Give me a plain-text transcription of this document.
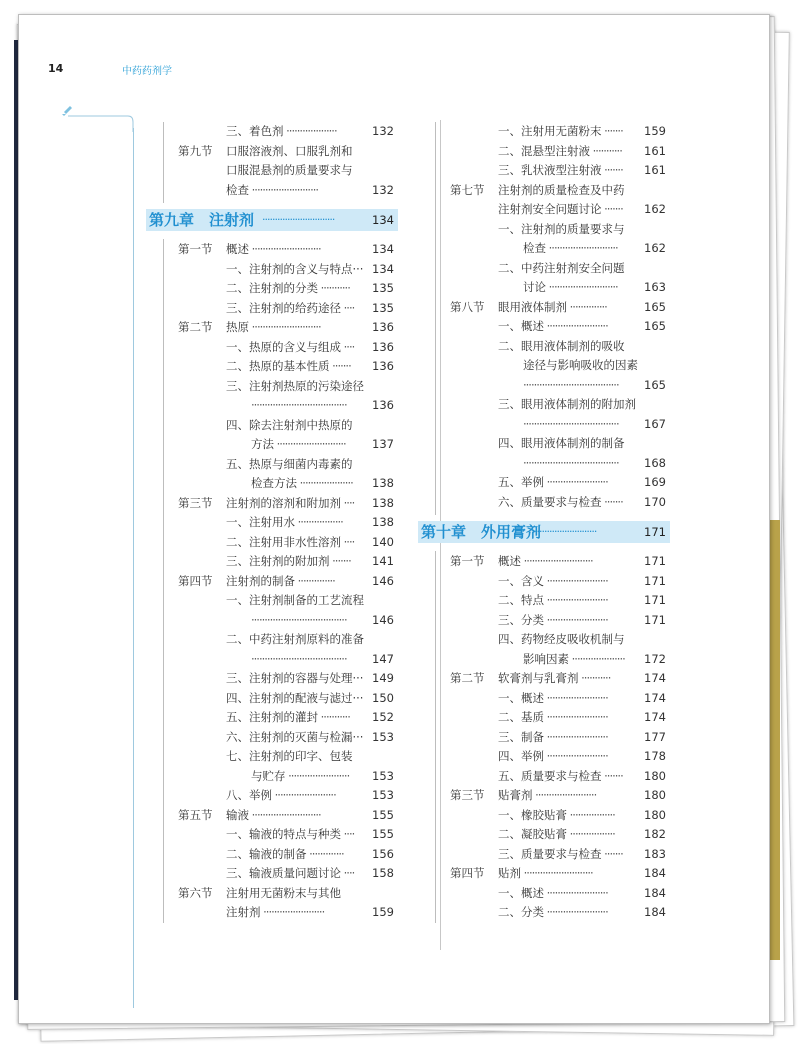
14	中药药剂学
三、着色剂 ···················	132
第九节 口服溶液剂、口服乳剂和
口服混悬剂的质量要求与
检查 ·························	132
第九章　注射剂 ·····························	134
第一节 概述 ··························	134
一、注射剂的含义与特点··· 134
二、注射剂的分类 ··········· 135
三、注射剂的给药途径 ···· 135
第二节 热原 ··························	136
一、热原的含义与组成 ···· 136
二、热原的基本性质 ······· 136
三、注射剂热原的污染途径
···································· 136
四、除去注射剂中热原的
方法 ·························· 137
五、热原与细菌内毒素的
检查方法 ···················· 138
第三节 注射剂的溶剂和附加剂 ···· 138
一、注射用水 ·················	138
二、注射用非水性溶剂 ···· 140
三、注射剂的附加剂 ······· 141
第四节 注射剂的制备 ··············	146
一、注射剂制备的工艺流程
···································· 146
二、中药注射剂原料的准备
···································· 147
三、注射剂的容器与处理··· 149
四、注射剂的配液与滤过··· 150
五、注射剂的灌封 ··········· 152
六、注射剂的灭菌与检漏··· 153
七、注射剂的印字、包装
与贮存 ······················· 153
八、举例 ·······················	153
第五节 输液 ··························	155
一、输液的特点与种类 ···· 155
二、输液的制备 ············· 156
三、输液质量问题讨论 ···· 158
第六节 注射用无菌粉末与其他
注射剂 ·······················	159
一、注射用无菌粉末 ······· 159
二、混悬型注射液 ··········· 161
三、乳状液型注射液 ······· 161
第七节 注射剂的质量检查及中药
注射剂安全问题讨论 ······· 162
一、注射剂的质量要求与
检查 ·························· 162
二、中药注射剂安全问题
讨论 ·························· 163
第八节 眼用液体制剂 ··············	165
一、概述 ·······················	165
二、眼用液体制剂的吸收
途径与影响吸收的因素
···································· 165
三、眼用液体制剂的附加剂
···································· 167
四、眼用液体制剂的制备
···································· 168
五、举例 ·······················	169
六、质量要求与检查 ······· 170
第十章　外用膏剂
·························	171
第一节 概述 ··························	171
一、含义 ·······················	171
二、特点 ·······················	171
三、分类 ·······················	171
四、药物经皮吸收机制与
影响因素 ···················· 172
第二节 软膏剂与乳膏剂 ···········	174
一、概述 ·······················	174
二、基质 ·······················	174
三、制备 ·······················	177
四、举例 ·······················	178
五、质量要求与检查 ······· 180
第三节 贴膏剂 ·······················	180
一、橡胶贴膏 ·················	180
二、凝胶贴膏 ·················	182
三、质量要求与检查 ······· 183
第四节 贴剂 ··························	184
一、概述 ·······················	184
二、分类 ·······················	184
